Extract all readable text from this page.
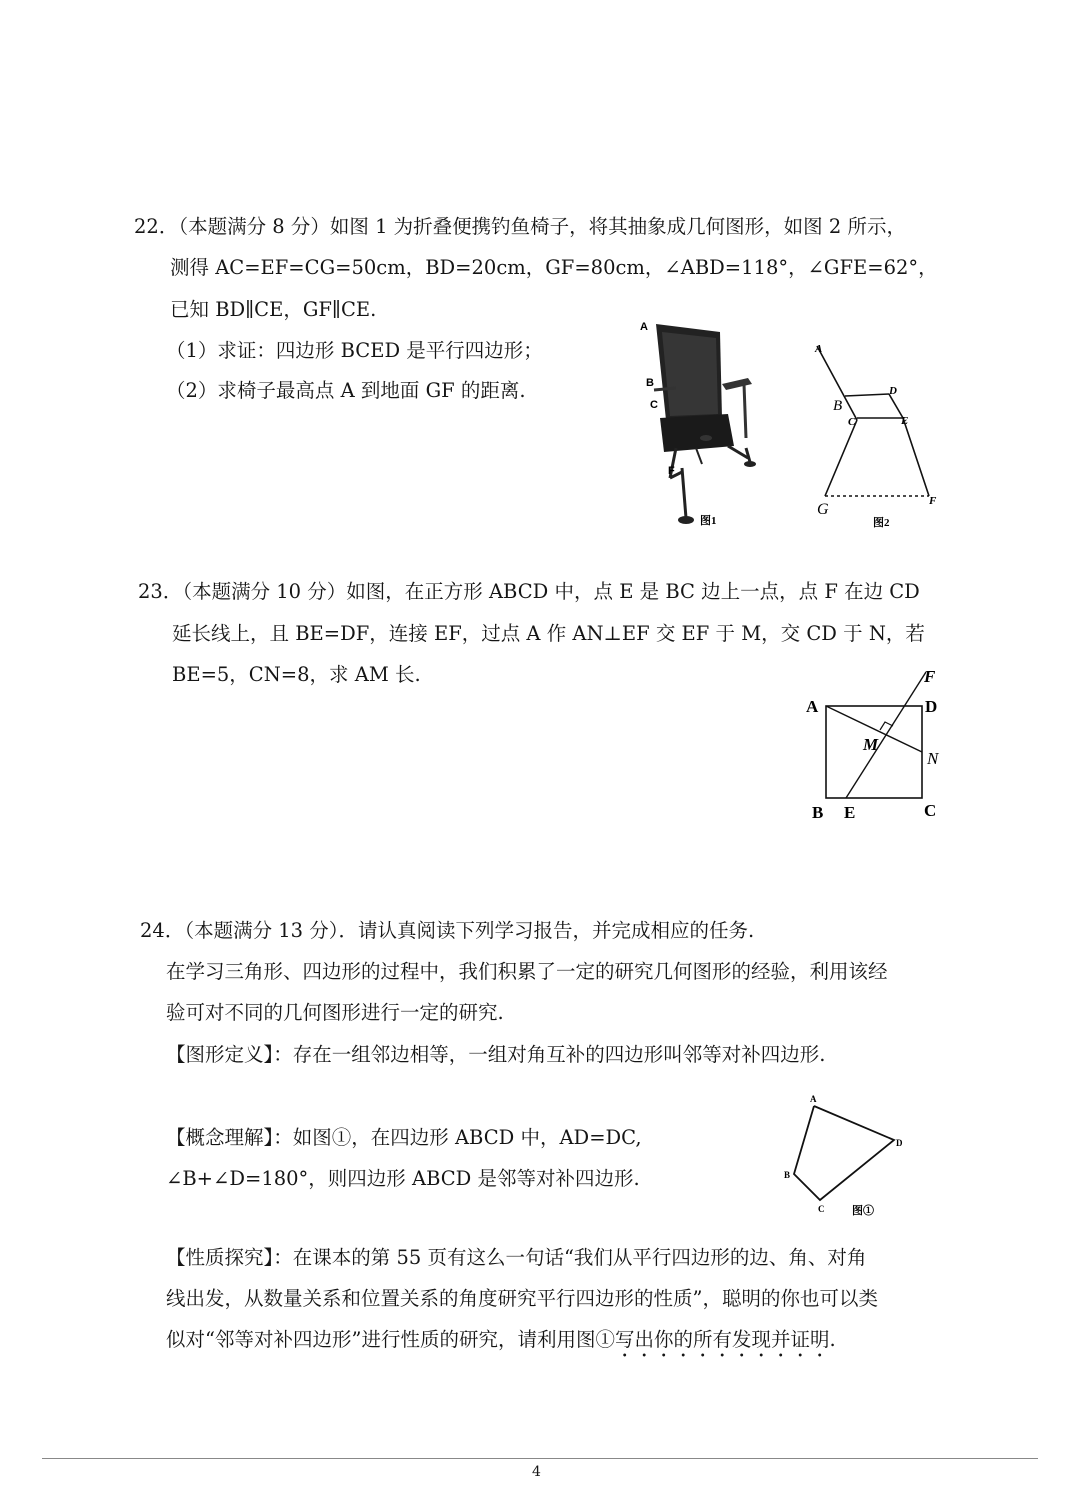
22．（本题满分 8 分）如图 1 为折叠便携钓鱼椅子，将其抽象成几何图形，如图 2 所示，
测得 AC=EF=CG=50cm，BD=20cm，GF=80cm，∠ABD=118°，∠GFE=62°，
已知 BD∥CE，GF∥CE.
（1）求证：四边形 BCED 是平行四边形；
（2）求椅子最高点 A 到地面 GF 的距离.
A
B
C
F
图1
A
B
C
D
E
G	F
图2
23．（本题满分 10 分）如图，在正方形 ABCD 中，点 E 是 BC 边上一点，点 F 在边 CD
延长线上，且 BE=DF，连接 EF，过点 A 作 AN⊥EF 交 EF 于 M，交 CD 于 N，若
BE=5，CN=8，求 AM 长.
A	D
F
M
N
B E	C
24．（本题满分 13 分）．请认真阅读下列学习报告，并完成相应的任务.
在学习三角形、四边形的过程中，我们积累了一定的研究几何图形的经验，利用该经
验可对不同的几何图形进行一定的研究.
【图形定义】：存在一组邻边相等，一组对角互补的四边形叫邻等对补四边形.
【概念理解】：如图①，在四边形 ABCD 中，AD=DC,
∠B+∠D=180°，则四边形 ABCD 是邻等对补四边形.
A
B
C
D
图①
【性质探究】：在课本的第 55 页有这么一句话“我们从平行四边形的边、角、对角
线出发，从数量关系和位置关系的角度研究平行四边形的性质”，聪明的你也可以类
似对“邻等对补四边形”进行性质的研究，请利用图①写出你的所有发现并证明.
4
